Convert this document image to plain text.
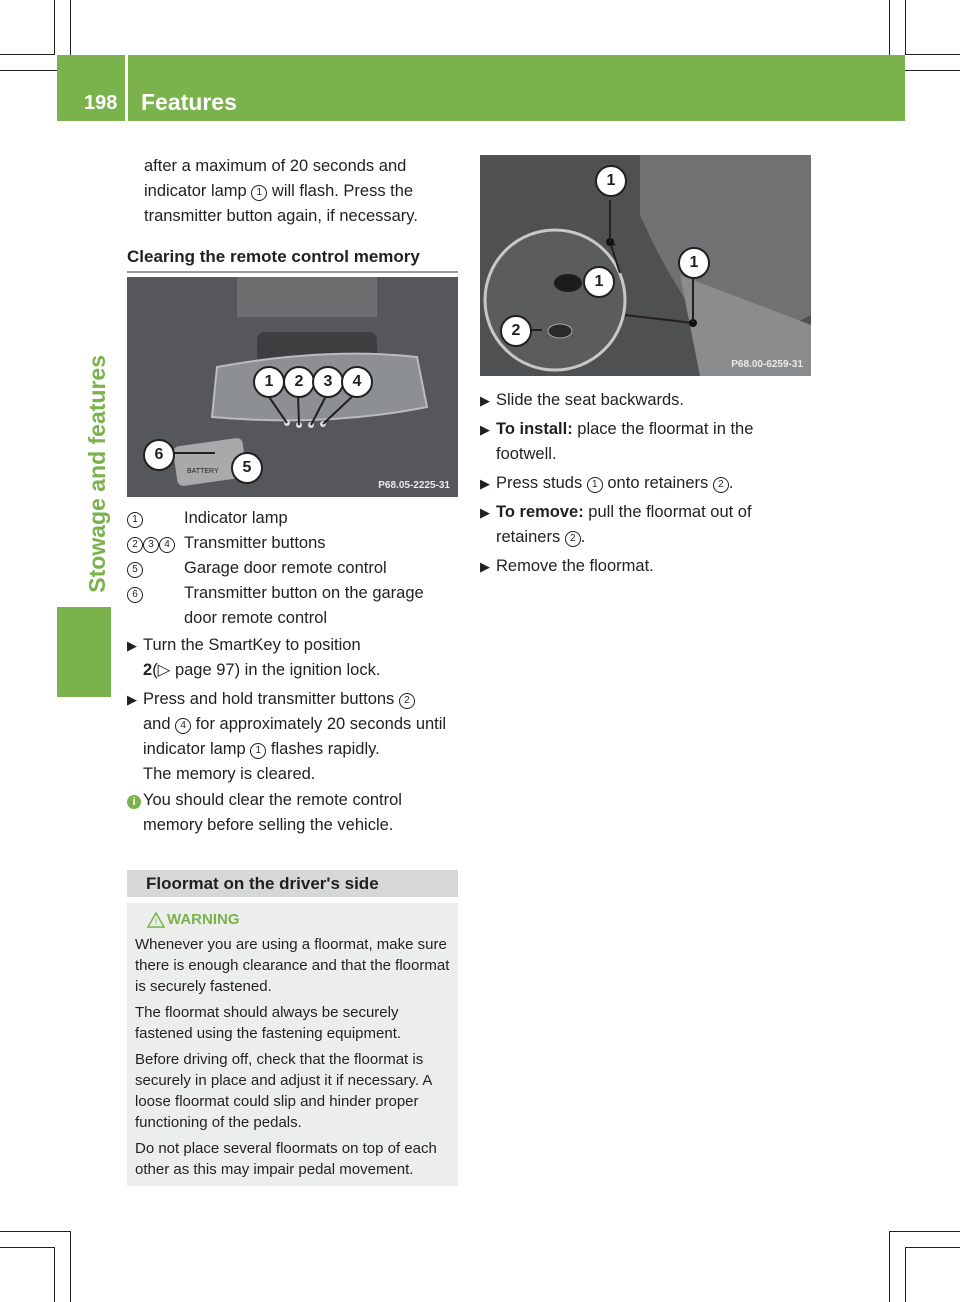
198 Features
Stowage and features

after a maximum of 20 seconds and

indicator lamp 1 will flash. Press the

transmitter button again, if necessary.

Clearing the remote control memory
BATTERY
1	2	3	4
5
6
P68.05-2225-31
1	Indicator lamp
2 3 4 Transmitter buttons
5	Garage door remote control
6	Transmitter button on the garage door remote control
▶ Turn the SmartKey to position
2(▷ page 97) in the ignition lock.
▶ Press and hold transmitter buttons 2
and 4 for approximately 20 seconds until
indicator lamp 1 flashes rapidly.
The memory is cleared.
i You should clear the remote control memory before selling the vehicle.
Floormat on the driver's side
! WARNING

Whenever you are using a floormat, make sure there is enough clearance and that the floormat is securely fastened.

The floormat should always be securely fastened using the fastening equipment.

Before driving off, check that the floormat is securely in place and adjust it if necessary. A loose floormat could slip and hinder proper functioning of the pedals.

Do not place several floormats on top of each other as this may impair pedal movement.

1
1
1
2
P68.00-6259-31
▶ Slide the seat backwards.
▶ To install: place the floormat in the footwell.
▶ Press studs 1 onto retainers 2 .
▶ To remove: pull the floormat out of retainers 2 .
▶ Remove the floormat.
